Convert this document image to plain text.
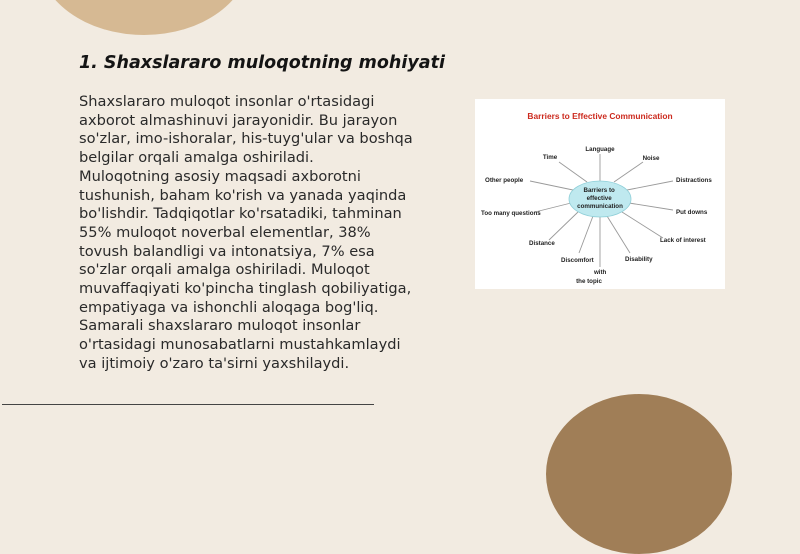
1. Shaxslararo muloqotning mohiyati
Shaxslararo muloqot insonlar o'rtasidagi
axborot almashinuvi jarayonidir. Bu jarayon
so'zlar, imo-ishoralar, his-tuyg'ular va boshqa
belgilar orqali amalga oshiriladi.
Muloqotning asosiy maqsadi axborotni
tushunish, baham ko'rish va yanada yaqinda
bo'lishdir. Tadqiqotlar ko'rsatadiki, tahminan
55% muloqot noverbal elementlar, 38%
tovush balandligi va intonatsiya, 7% esa
so'zlar orqali amalga oshiriladi. Muloqot
muvaffaqiyati ko'pincha tinglash qobiliyatiga,
empatiyaga va ishonchli aloqaga bog'liq.
Samarali shaxslararo muloqot insonlar
o'rtasidagi munosabatlarni mustahkamlaydi
va ijtimoiy o'zaro ta'sirni yaxshilaydi.
Barriers to Effective Communication
Barriers to effective communication
Language
Time	Noise
Other people	Distractions
Too many questions	Put downs
Distance	Lack of interest
Discomfort	Disability
with the topic
